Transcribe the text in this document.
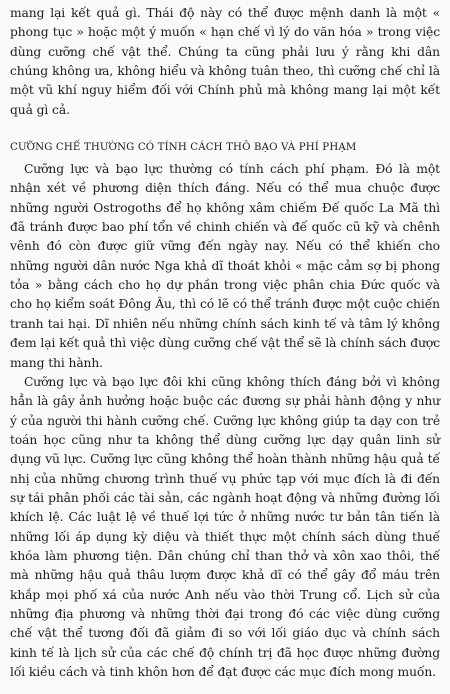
mang lại kết quả gì. Thái độ này có thể được mệnh danh là một « phong tục » hoặc một ý muốn « hạn chế vì lý do văn hóa » trong việc dùng cưỡng chế vật thể. Chúng ta cũng phải lưu ý rằng khi dân chúng không ưa, không hiểu và không tuân theo, thì cưỡng chế chỉ là một vũ khí nguy hiểm đối với Chính phủ mà không mang lại một kết quả gì cả.

CƯỠNG CHẾ THƯỜNG CÓ TÍNH CÁCH THÔ BẠO VÀ PHÍ PHẠM

Cưỡng lực và bạo lực thường có tính cách phí phạm. Đó là một nhận xét về phương diện thích đáng. Nếu có thể mua chuộc được những người Ostrogoths để họ không xâm chiếm Đế quốc La Mã thì đã tránh được bao phí tổn về chinh chiến và đế quốc cũ kỹ và chênh vênh đó còn được giữ vững đến ngày nay. Nếu có thể khiến cho những người dân nước Nga khả dĩ thoát khỏi « mặc cảm sợ bị phong tỏa » bằng cách cho họ dự phần trong việc phân chia Đức quốc và cho họ kiểm soát Đông Âu, thì có lẽ có thể tránh được một cuộc chiến tranh tai hại. Dĩ nhiên nếu những chính sách kinh tế và tâm lý không đem lại kết quả thì việc dùng cưỡng chế vật thể sẽ là chính sách được mang thi hành.

Cưỡng lực và bạo lực đôi khi cũng không thích đáng bởi vì không hẳn là gây ảnh hưởng hoặc buộc các đương sự phải hành động y như ý của người thi hành cưỡng chế. Cưỡng lực không giúp ta dạy con trẻ toán học cũng như ta không thể dùng cưỡng lực dạy quân linh sử dụng vũ lực. Cưỡng lực cũng không thể hoàn thành những hậu quả tế nhị của những chương trình thuế vụ phức tạp với mục đích là đi đến sự tái phân phối các tài sản, các ngành hoạt động và những đường lối khích lệ. Các luật lệ về thuế lợi tức ở những nước tư bản tân tiến là những lối áp dụng kỳ diệu và thiết thực một chính sách dùng thuế khóa làm phương tiện. Dân chúng chỉ than thở và xôn xao thôi, thế mà những hậu quả thâu lượm được khả dĩ có thể gây đổ máu trên khắp mọi phố xá của nước Anh nếu vào thời Trung cổ. Lịch sử của những địa phương và những thời đại trong đó các việc dùng cưỡng chế vật thể tương đối đã giảm đi so với lối giáo dục và chính sách kinh tế là lịch sử của các chế độ chính trị đã học được những đường lối kiều cách và tinh khôn hơn để đạt được các mục đích mong muốn.
